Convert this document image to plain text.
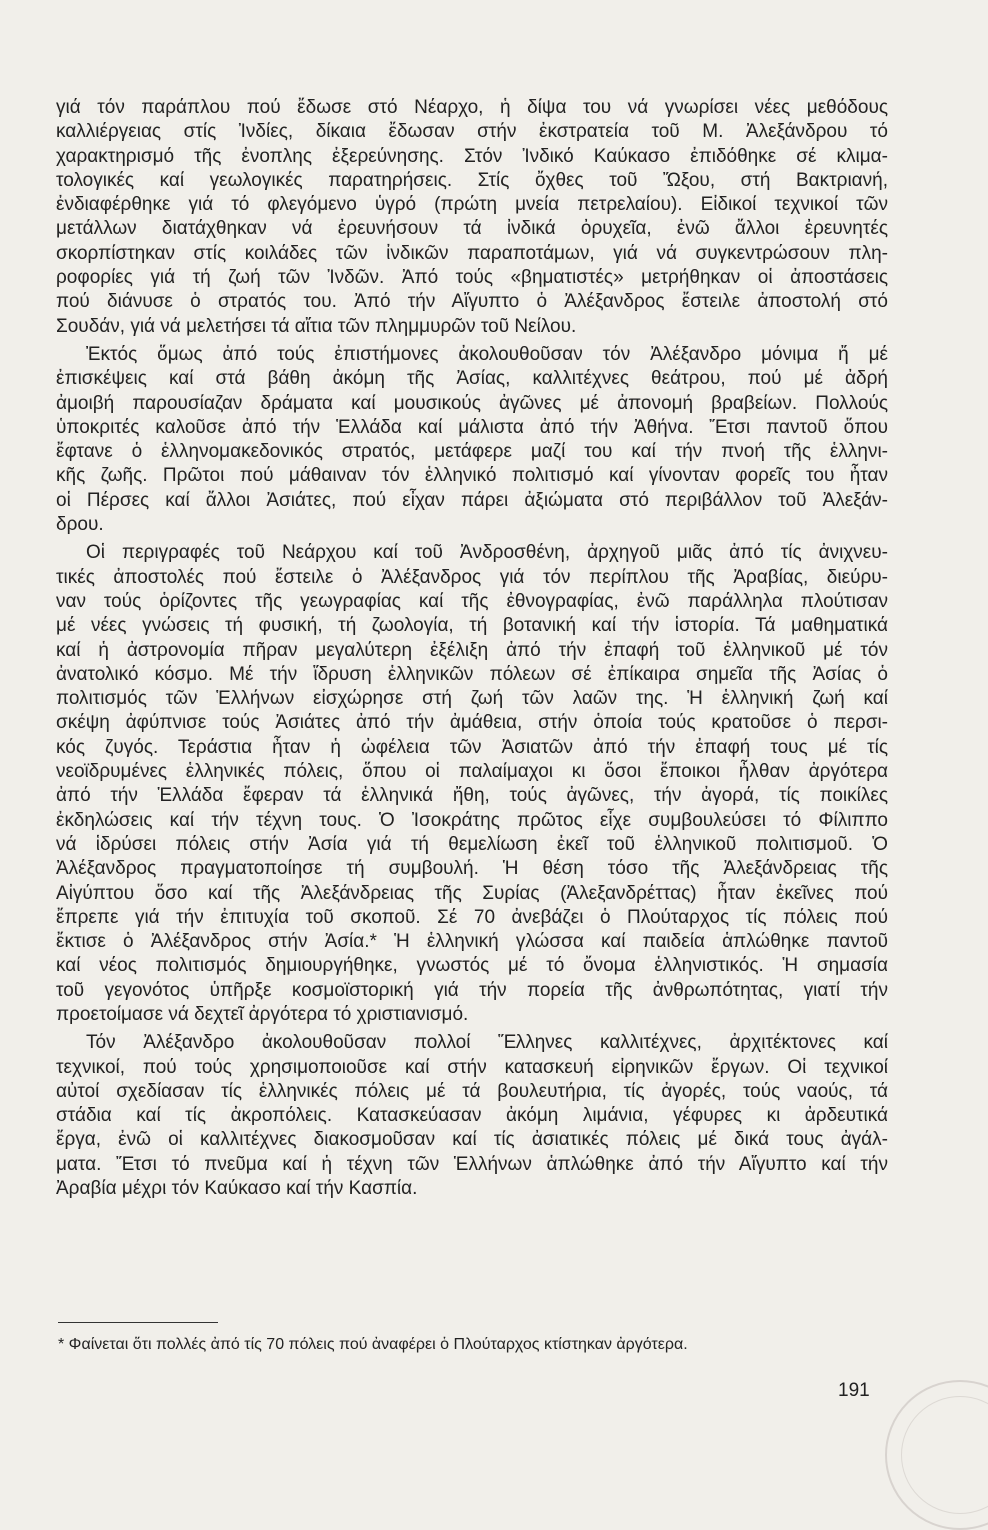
γιά τόν παράπλου πού ἔδωσε στό Νέαρχο, ἡ δίψα του νά γνωρίσει νέες μεθόδους
καλλιέργειας στίς Ἰνδίες, δίκαια ἔδωσαν στήν ἐκστρατεία τοῦ Μ. Ἀλεξάνδρου τό
χαρακτηρισμό τῆς ἐνοπλης ἐξερεύνησης. Στόν Ἰνδικό Καύκασο ἐπιδόθηκε σέ κλιμα-
τολογικές καί γεωλογικές παρατηρήσεις. Στίς ὄχθες τοῦ Ὤξου, στή Βακτριανή,
ἐνδιαφέρθηκε γιά τό φλεγόμενο ὑγρό (πρώτη μνεία πετρελαίου). Εἰδικοί τεχνικοί τῶν
μετάλλων διατάχθηκαν νά ἐρευνήσουν τά ἰνδικά ὀρυχεῖα, ἐνῶ ἄλλοι ἐρευνητές
σκορπίστηκαν στίς κοιλάδες τῶν ἰνδικῶν παραποτάμων, γιά νά συγκεντρώσουν πλη-
ροφορίες γιά τή ζωή τῶν Ἰνδῶν. Ἀπό τούς «βηματιστές» μετρήθηκαν οἱ ἀποστάσεις
πού διάνυσε ὁ στρατός του. Ἀπό τήν Αἴγυπτο ὁ Ἀλέξανδρος ἔστειλε ἀποστολή στό
Σουδάν, γιά νά μελετήσει τά αἴτια τῶν πλημμυρῶν τοῦ Νείλου.
Ἐκτός ὅμως ἀπό τούς ἐπιστήμονες ἀκολουθοῦσαν τόν Ἀλέξανδρο μόνιμα ἤ μέ
ἐπισκέψεις καί στά βάθη ἀκόμη τῆς Ἀσίας, καλλιτέχνες θεάτρου, πού μέ ἀδρή
ἀμοιβή παρουσίαζαν δράματα καί μουσικούς ἀγῶνες μέ ἀπονομή βραβείων. Πολλούς
ὑποκριτές καλοῦσε ἀπό τήν Ἑλλάδα καί μάλιστα ἀπό τήν Ἀθήνα. Ἔτσι παντοῦ ὅπου
ἔφτανε ὁ ἑλληνομακεδονικός στρατός, μετάφερε μαζί του καί τήν πνοή τῆς ἑλληνι-
κῆς ζωῆς. Πρῶτοι πού μάθαιναν τόν ἑλληνικό πολιτισμό καί γίνονταν φορεῖς του ἦταν
οἱ Πέρσες καί ἄλλοι Ἀσιάτες, πού εἶχαν πάρει ἀξιώματα στό περιβάλλον τοῦ Ἀλεξάν-
δρου.
Οἱ περιγραφές τοῦ Νεάρχου καί τοῦ Ἀνδροσθένη, ἀρχηγοῦ μιᾶς ἀπό τίς ἀνιχνευ-
τικές ἀποστολές πού ἔστειλε ὁ Ἀλέξανδρος γιά τόν περίπλου τῆς Ἀραβίας, διεύρυ-
ναν τούς ὁρίζοντες τῆς γεωγραφίας καί τῆς ἐθνογραφίας, ἐνῶ παράλληλα πλούτισαν
μέ νέες γνώσεις τή φυσική, τή ζωολογία, τή βοτανική καί τήν ἱστορία. Τά μαθηματικά
καί ἡ ἀστρονομία πῆραν μεγαλύτερη ἐξέλιξη ἀπό τήν ἐπαφή τοῦ ἑλληνικοῦ μέ τόν
ἀνατολικό κόσμο. Μέ τήν ἵδρυση ἑλληνικῶν πόλεων σέ ἐπίκαιρα σημεῖα τῆς Ἀσίας ὁ
πολιτισμός τῶν Ἑλλήνων εἰσχώρησε στή ζωή τῶν λαῶν της. Ἡ ἑλληνική ζωή καί
σκέψη ἀφύπνισε τούς Ἀσιάτες ἀπό τήν ἀμάθεια, στήν ὁποία τούς κρατοῦσε ὁ περσι-
κός ζυγός. Τεράστια ἦταν ἡ ὠφέλεια τῶν Ἀσιατῶν ἀπό τήν ἐπαφή τους μέ τίς
νεοϊδρυμένες ἑλληνικές πόλεις, ὅπου οἱ παλαίμαχοι κι ὅσοι ἔποικοι ἦλθαν ἀργότερα
ἀπό τήν Ἑλλάδα ἔφεραν τά ἑλληνικά ἤθη, τούς ἀγῶνες, τήν ἀγορά, τίς ποικίλες
ἐκδηλώσεις καί τήν τέχνη τους. Ὁ Ἰσοκράτης πρῶτος εἶχε συμβουλεύσει τό Φίλιππο
νά ἱδρύσει πόλεις στήν Ἀσία γιά τή θεμελίωση ἐκεῖ τοῦ ἑλληνικοῦ πολιτισμοῦ. Ὁ
Ἀλέξανδρος πραγματοποίησε τή συμβουλή. Ἡ θέση τόσο τῆς Ἀλεξάνδρειας τῆς
Αἰγύπτου ὅσο καί τῆς Ἀλεξάνδρειας τῆς Συρίας (Ἀλεξανδρέττας) ἦταν ἐκεῖνες πού
ἔπρεπε γιά τήν ἐπιτυχία τοῦ σκοποῦ. Σέ 70 ἀνεβάζει ὁ Πλούταρχος τίς πόλεις πού
ἔκτισε ὁ Ἀλέξανδρος στήν Ἀσία.* Ἡ ἑλληνική γλώσσα καί παιδεία ἁπλώθηκε παντοῦ
καί νέος πολιτισμός δημιουργήθηκε, γνωστός μέ τό ὄνομα ἑλληνιστικός. Ἡ σημασία
τοῦ γεγονότος ὑπῆρξε κοσμοϊστορική γιά τήν πορεία τῆς ἀνθρωπότητας, γιατί τήν
προετοίμασε νά δεχτεῖ ἀργότερα τό χριστιανισμό.
Τόν Ἀλέξανδρο ἀκολουθοῦσαν πολλοί Ἕλληνες καλλιτέχνες, ἀρχιτέκτονες καί
τεχνικοί, πού τούς χρησιμοποιοῦσε καί στήν κατασκευή εἰρηνικῶν ἔργων. Οἱ τεχνικοί
αὐτοί σχεδίασαν τίς ἑλληνικές πόλεις μέ τά βουλευτήρια, τίς ἀγορές, τούς ναούς, τά
στάδια καί τίς ἀκροπόλεις. Κατασκεύασαν ἀκόμη λιμάνια, γέφυρες κι ἀρδευτικά
ἔργα, ἐνῶ οἱ καλλιτέχνες διακοσμοῦσαν καί τίς ἀσιατικές πόλεις μέ δικά τους ἀγάλ-
ματα. Ἔτσι τό πνεῦμα καί ἡ τέχνη τῶν Ἑλλήνων ἁπλώθηκε ἀπό τήν Αἴγυπτο καί τήν
Ἀραβία μέχρι τόν Καύκασο καί τήν Κασπία.
* Φαίνεται ὅτι πολλές ἀπό τίς 70 πόλεις πού ἀναφέρει ὁ Πλούταρχος κτίστηκαν ἀργότερα.
191
